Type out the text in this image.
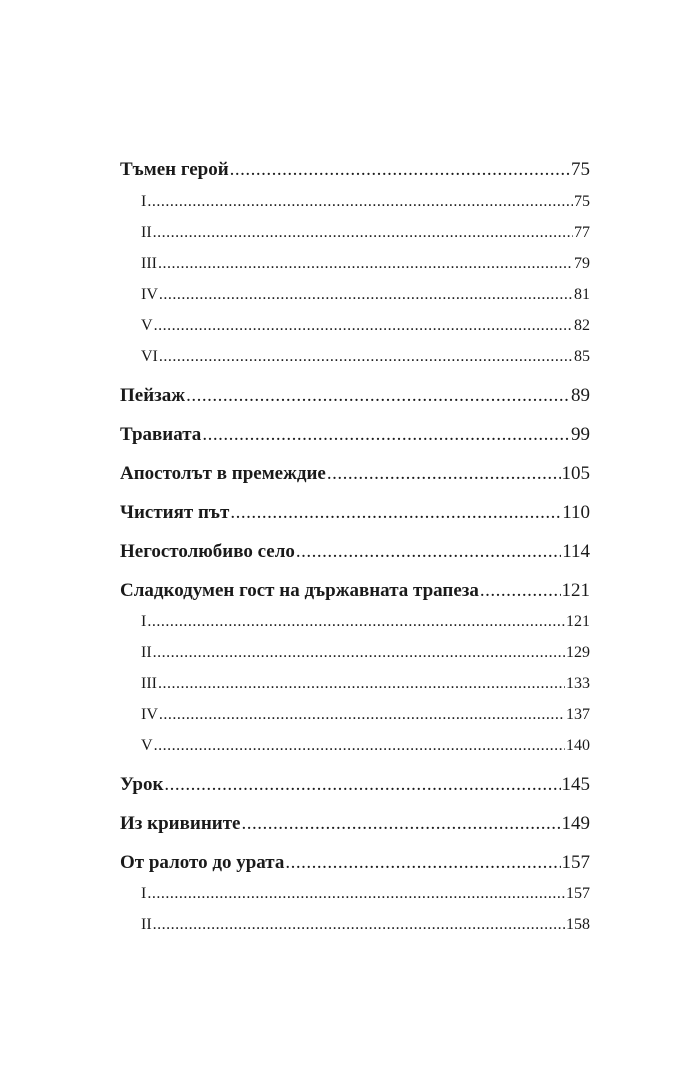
Тъмен герой .....	75
I .....	75
II .....	77
III .....	79
IV .....	81
V .....	82
VI .....	85
Пейзаж .....	89
Травиата .....	99
Апостолът в премеждие .....	105
Чистият път .....	110
Негостолюбиво село .....	114
Сладкодумен гост на държавната трапеза .....	121
I .....	121
II .....	129
III .....	133
IV .....	137
V .....	140
Урок .....	145
Из кривините .....	149
От ралото до урата .....	157
I .....	157
II .....	158
